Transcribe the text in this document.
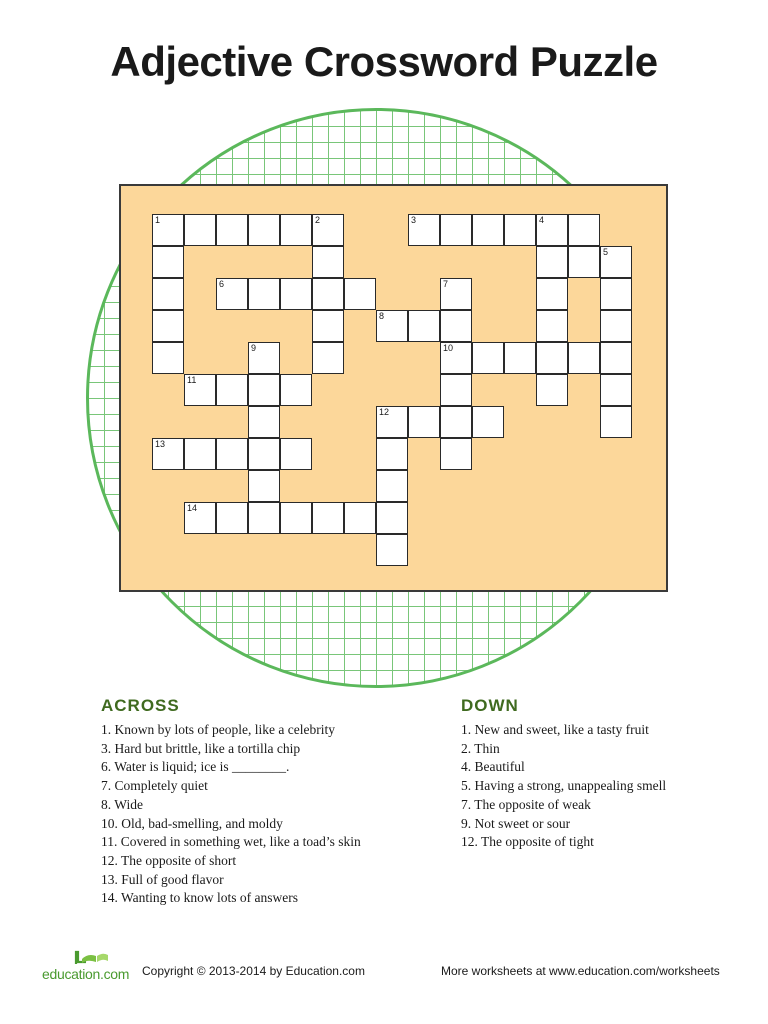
Adjective Crossword Puzzle
1	2	3	4
5
6	7
10
8
9
11
12
13
14
ACROSS
1. Known by lots of people, like a celebrity
3. Hard but brittle, like a tortilla chip
6. Water is liquid; ice is ________.
7. Completely quiet
8. Wide
10. Old, bad-smelling, and moldy
11. Covered in something wet, like a toad’s skin
12. The opposite of short
13. Full of good flavor
14. Wanting to know lots of answers
DOWN
1. New and sweet, like a tasty fruit
2. Thin
4. Beautiful
5. Having a strong, unappealing smell
7. The opposite of weak
9. Not sweet or sour
12. The opposite of tight
education.com Copyright © 2013-2014 by Education.com	More worksheets at www.education.com/worksheets
